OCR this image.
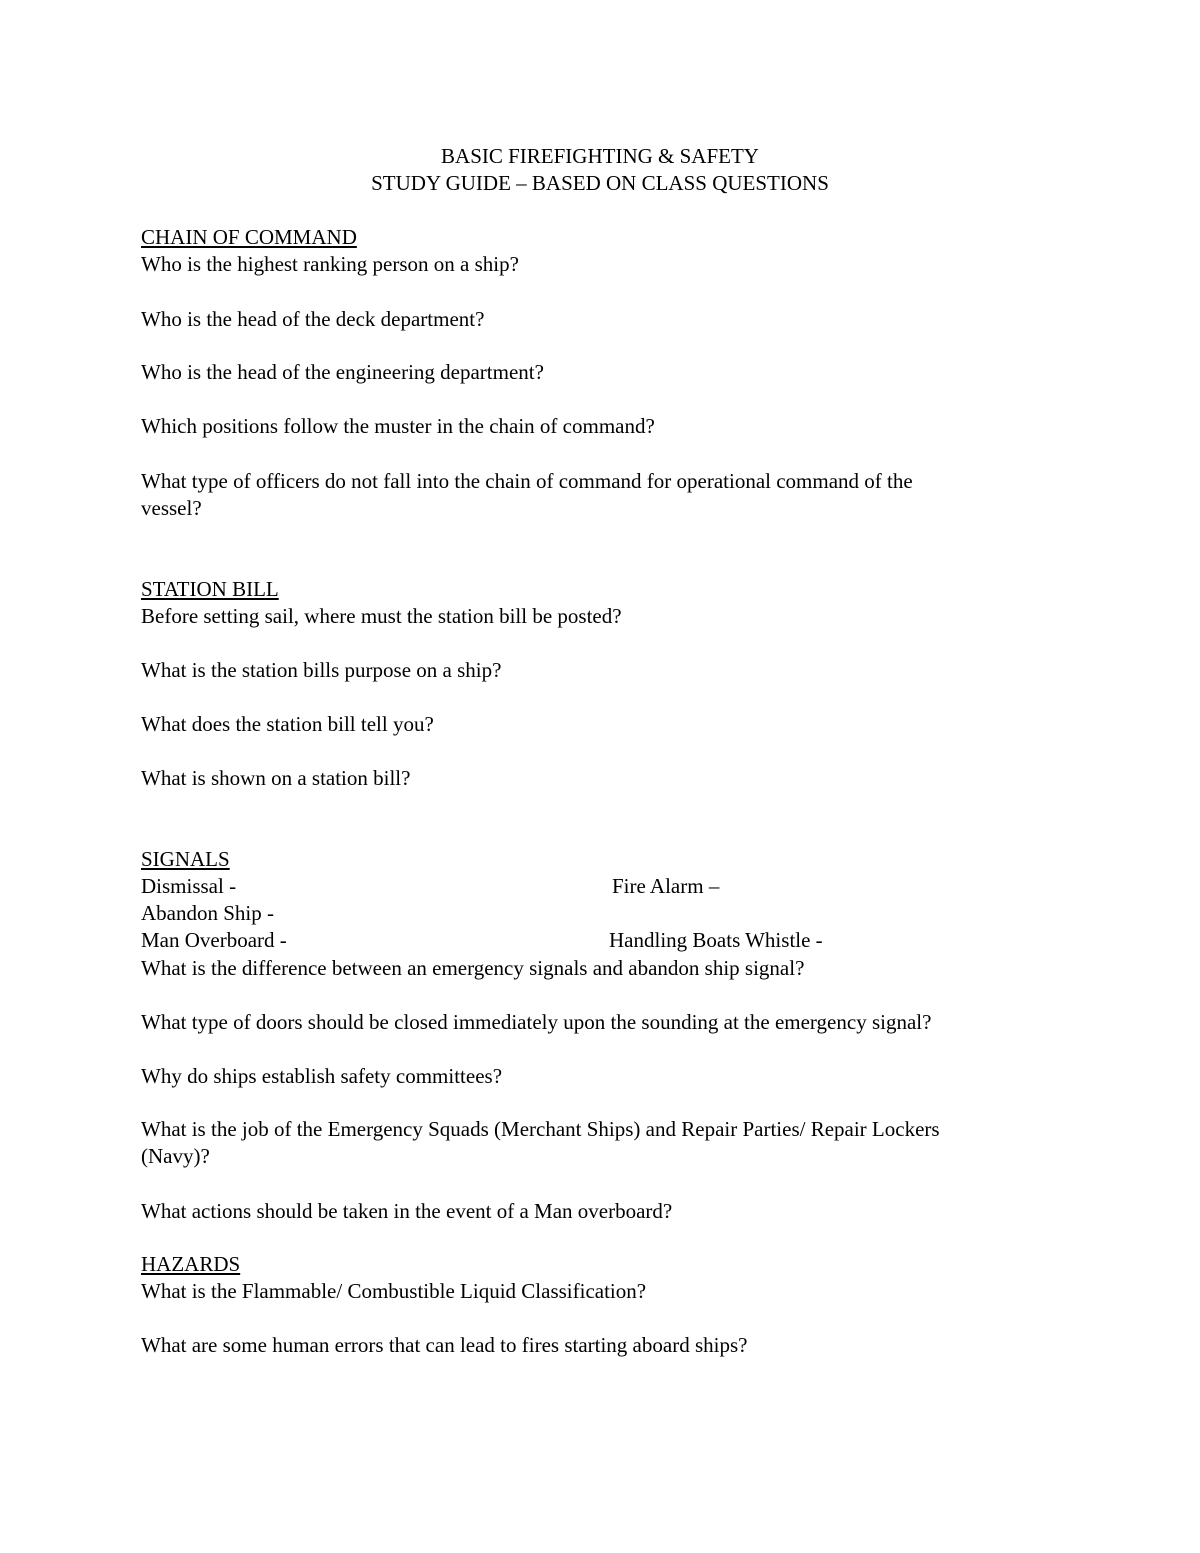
BASIC FIREFIGHTING & SAFETY
STUDY GUIDE – BASED ON CLASS QUESTIONS
CHAIN OF COMMAND
Who is the highest ranking person on a ship?
Who is the head of the deck department?
Who is the head of the engineering department?
Which positions follow the muster in the chain of command?
What type of officers do not fall into the chain of command for operational command of the
vessel?
STATION BILL
Before setting sail, where must the station bill be posted?
What is the station bills purpose on a ship?
What does the station bill tell you?
What is shown on a station bill?
SIGNALS
Dismissal -	Fire Alarm –
Abandon Ship -
Man Overboard -	Handling Boats Whistle -
What is the difference between an emergency signals and abandon ship signal?
What type of doors should be closed immediately upon the sounding at the emergency signal?
Why do ships establish safety committees?
What is the job of the Emergency Squads (Merchant Ships) and Repair Parties/ Repair Lockers
(Navy)?
What actions should be taken in the event of a Man overboard?
HAZARDS
What is the Flammable/ Combustible Liquid Classification?
What are some human errors that can lead to fires starting aboard ships?
